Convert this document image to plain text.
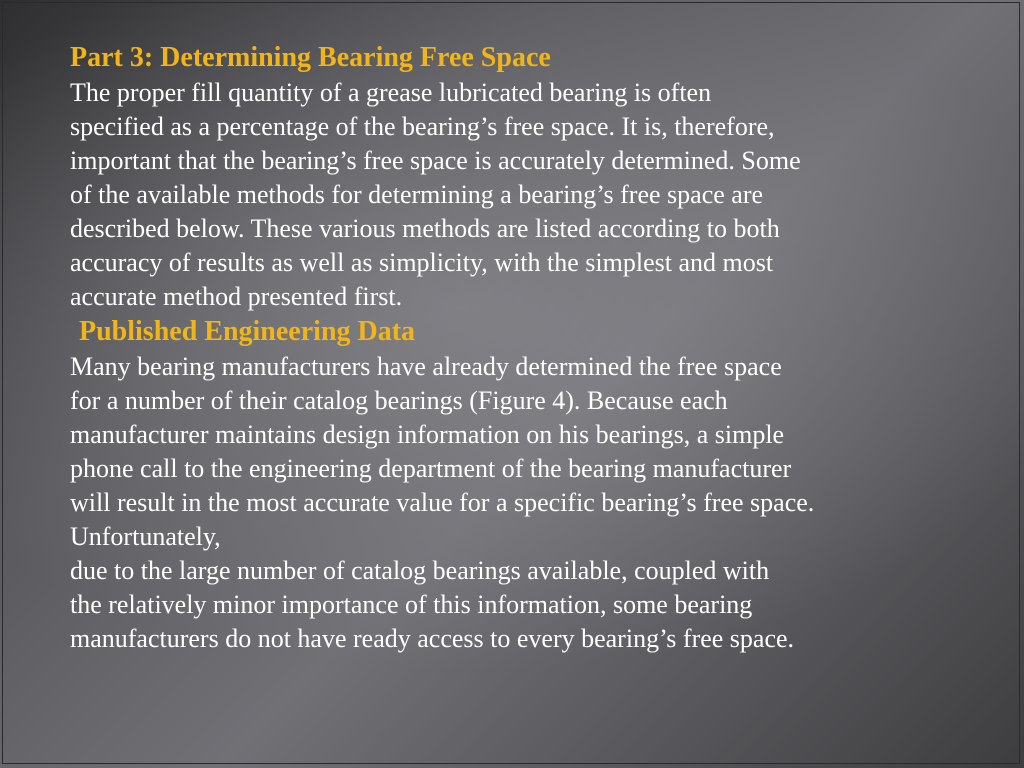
Part 3: Determining Bearing Free Space

The proper fill quantity of a grease lubricated bearing is often
specified as a percentage of the bearing’s free space. It is, therefore,
important that the bearing’s free space is accurately determined. Some
of the available methods for determining a bearing’s free space are
described below. These various methods are listed according to both
accuracy of results as well as simplicity, with the simplest and most
accurate method presented first.

Published Engineering Data

Many bearing manufacturers have already determined the free space
for a number of their catalog bearings (Figure 4). Because each
manufacturer maintains design information on his bearings, a simple
phone call to the engineering department of the bearing manufacturer
will result in the most accurate value for a specific bearing’s free space.
Unfortunately,
due to the large number of catalog bearings available, coupled with
the relatively minor importance of this information, some bearing
manufacturers do not have ready access to every bearing’s free space.
